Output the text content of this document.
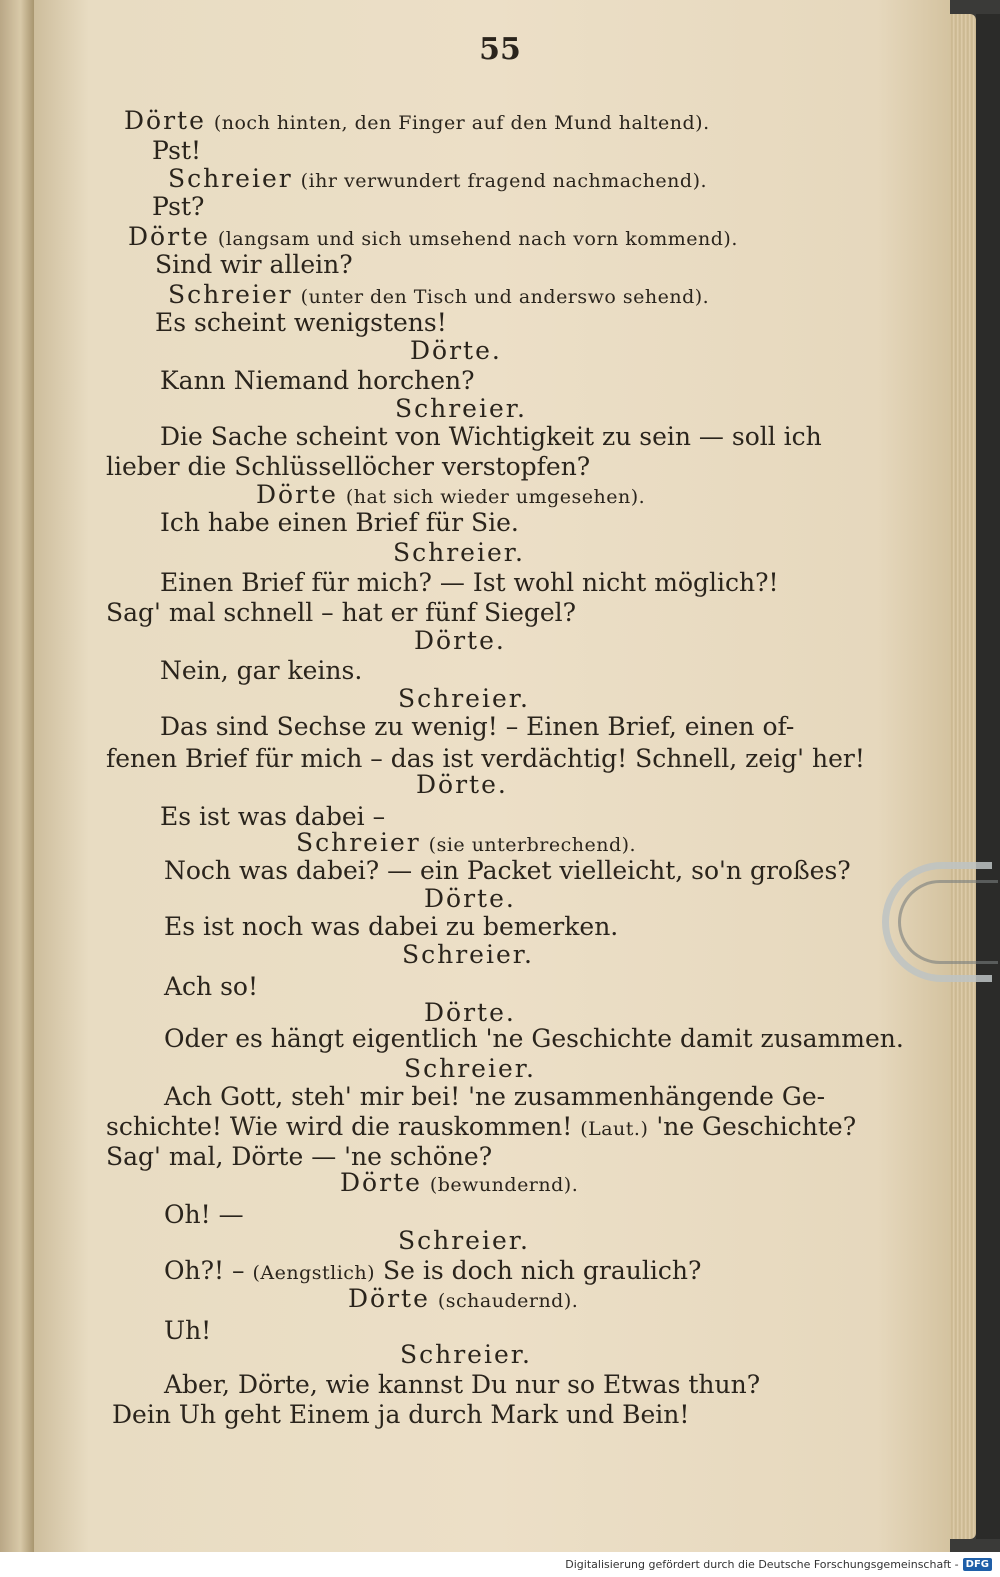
55
Dörte (noch hinten, den Finger auf den Mund haltend).
Pst!
Schreier (ihr verwundert fragend nachmachend).
Pst?
Dörte (langsam und sich umsehend nach vorn kommend).
Sind wir allein?
Schreier (unter den Tisch und anderswo sehend).
Es scheint wenigstens!
Dörte.
Kann Niemand horchen?
Schreier.
Die Sache scheint von Wichtigkeit zu sein — soll ich
lieber die Schlüssellöcher verstopfen?
Dörte (hat sich wieder umgesehen).
Ich habe einen Brief für Sie.
Schreier.
Einen Brief für mich? — Ist wohl nicht möglich?!
Sag' mal schnell – hat er fünf Siegel?
Dörte.
Nein, gar keins.
Schreier.
Das sind Sechse zu wenig! – Einen Brief, einen of-
fenen Brief für mich – das ist verdächtig! Schnell, zeig' her!
Dörte.
Es ist was dabei –
Schreier (sie unterbrechend).
Noch was dabei? — ein Packet vielleicht, so'n großes?
Dörte.
Es ist noch was dabei zu bemerken.
Schreier.
Ach so!
Dörte.
Oder es hängt eigentlich 'ne Geschichte damit zusammen.
Schreier.
Ach Gott, steh' mir bei! 'ne zusammenhängende Ge-
schichte! Wie wird die rauskommen! (Laut.) 'ne Geschichte?
Sag' mal, Dörte — 'ne schöne?
Dörte (bewundernd).
Oh! —
Schreier.
Oh?! – (Aengstlich) Se is doch nich graulich?
Dörte (schaudernd).
Uh!
Schreier.
Aber, Dörte, wie kannst Du nur so Etwas thun?
Dein Uh geht Einem ja durch Mark und Bein!
Digitalisierung gefördert durch die Deutsche Forschungsgemeinschaft - DFG
